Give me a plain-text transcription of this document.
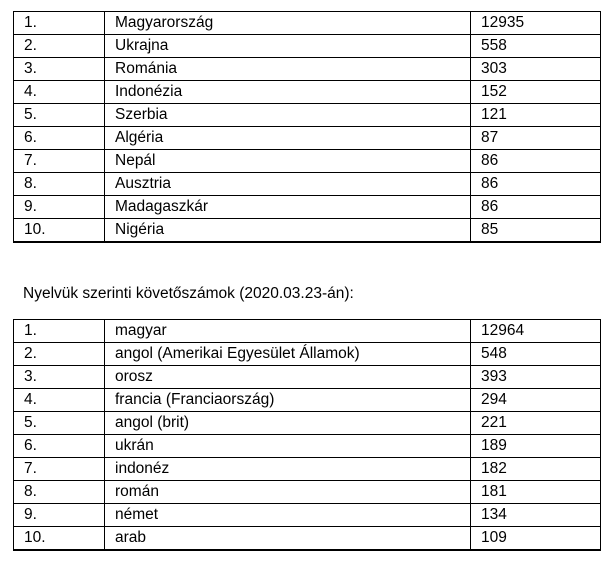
1.	Magyarország	12935
2.	Ukrajna	558
3.	Románia	303
4.	Indonézia	152
5.	Szerbia	121
6.	Algéria	87
7.	Nepál	86
8.	Ausztria	86
9.	Madagaszkár	86
10.	Nigéria	85
Nyelvük szerinti követőszámok (2020.03.23-án):
1.	magyar	12964
2.	angol (Amerikai Egyesület Államok)	548
3.	orosz	393
4.	francia (Franciaország)	294
5.	angol (brit)	221
6.	ukrán	189
7.	indonéz	182
8.	román	181
9.	német	134
10.	arab	109
